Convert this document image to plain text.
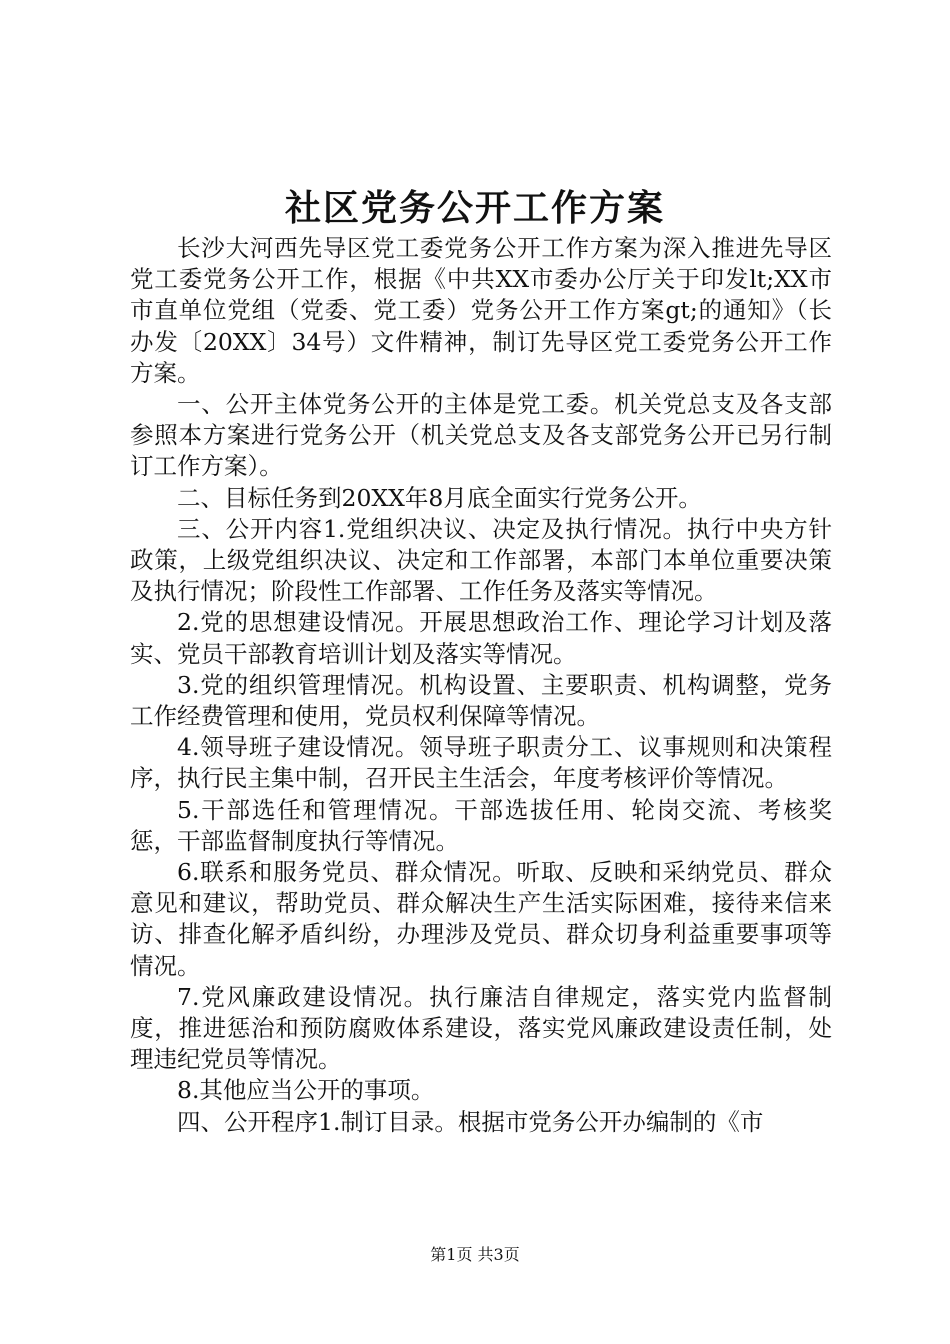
社区党务公开工作方案

长沙大河西先导区党工委党务公开工作方案为深入推进先导区党工委党务公开工作，根据《中共XX市委办公厅关于印发lt;XX市市直单位党组（党委、党工委）党务公开工作方案gt;的通知》（长办发〔20XX〕34号）文件精神，制订先导区党工委党务公开工作方案。

一、公开主体党务公开的主体是党工委。机关党总支及各支部参照本方案进行党务公开（机关党总支及各支部党务公开已另行制订工作方案）。

二、目标任务到20XX年8月底全面实行党务公开。

三、公开内容1.党组织决议、决定及执行情况。执行中央方针政策，上级党组织决议、决定和工作部署，本部门本单位重要决策及执行情况；阶段性工作部署、工作任务及落实等情况。

2.党的思想建设情况。开展思想政治工作、理论学习计划及落实、党员干部教育培训计划及落实等情况。

3.党的组织管理情况。机构设置、主要职责、机构调整，党务工作经费管理和使用，党员权利保障等情况。

4.领导班子建设情况。领导班子职责分工、议事规则和决策程序，执行民主集中制，召开民主生活会，年度考核评价等情况。

5.干部选任和管理情况。干部选拔任用、轮岗交流、考核奖惩，干部监督制度执行等情况。

6.联系和服务党员、群众情况。听取、反映和采纳党员、群众意见和建议，帮助党员、群众解决生产生活实际困难，接待来信来访、排查化解矛盾纠纷，办理涉及党员、群众切身利益重要事项等情况。

7.党风廉政建设情况。执行廉洁自律规定，落实党内监督制度，推进惩治和预防腐败体系建设，落实党风廉政建设责任制，处理违纪党员等情况。

8.其他应当公开的事项。

四、公开程序1.制订目录。根据市党务公开办编制的《市

第1页 共3页
